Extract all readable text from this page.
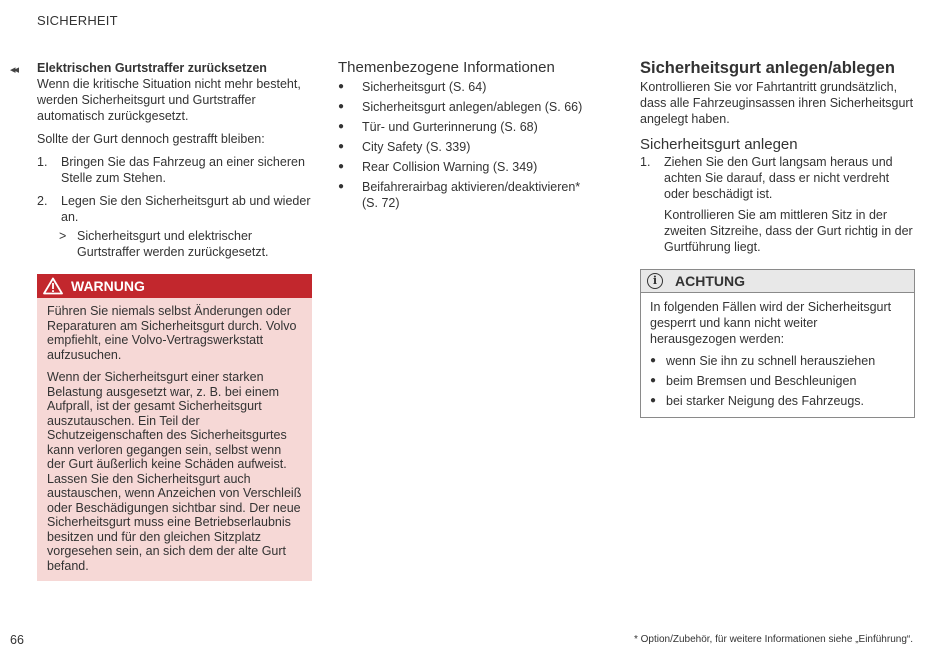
SICHERHEIT
◂◂ Elektrischen Gurtstraffer zurücksetzen

Wenn die kritische Situation nicht mehr besteht, werden Sicherheitsgurt und Gurtstraffer automatisch zurückgesetzt.

Sollte der Gurt dennoch gestrafft bleiben:

1.	Bringen Sie das Fahrzeug an einer sicheren Stelle zum Stehen.
2.	Legen Sie den Sicherheitsgurt ab und wieder an.
> Sicherheitsgurt und elektrischer Gurtstraffer werden zurückgesetzt.
WARNUNG

Führen Sie niemals selbst Änderungen oder Reparaturen am Sicherheitsgurt durch. Volvo empfiehlt, eine Volvo-Vertragswerkstatt aufzusuchen.

Wenn der Sicherheitsgurt einer starken Belastung ausgesetzt war, z. B. bei einem Aufprall, ist der gesamt Sicherheitsgurt auszutauschen. Ein Teil der Schutzeigenschaften des Sicherheitsgurtes kann verloren gegangen sein, selbst wenn der Gurt äußerlich keine Schäden aufweist. Lassen Sie den Sicherheitsgurt auch austauschen, wenn Anzeichen von Verschleiß oder Beschädigungen sichtbar sind. Der neue Sicherheitsgurt muss eine Betriebserlaubnis besitzen und für den gleichen Sitzplatz vorgesehen sein, an sich dem der alte Gurt befand.

Themenbezogene Informationen
●	Sicherheitsgurt (S. 64)
●	Sicherheitsgurt anlegen/ablegen (S. 66)
●	Tür- und Gurterinnerung (S. 68)
●	City Safety (S. 339)
●	Rear Collision Warning (S. 349)
●	Beifahrerairbag aktivieren/deaktivieren* (S. 72)
Sicherheitsgurt anlegen/ablegen

Kontrollieren Sie vor Fahrtantritt grundsätzlich, dass alle Fahrzeuginsassen ihren Sicherheitsgurt angelegt haben.

Sicherheitsgurt anlegen
1.	Ziehen Sie den Gurt langsam heraus und achten Sie darauf, dass er nicht verdreht oder beschädigt ist.
Kontrollieren Sie am mittleren Sitz in der zweiten Sitzreihe, dass der Gurt richtig in der Gurtführung liegt.
i	ACHTUNG

In folgenden Fällen wird der Sicherheitsgurt gesperrt und kann nicht weiter herausgezogen werden:

● wenn Sie ihn zu schnell herausziehen
● beim Bremsen und Beschleunigen
● bei starker Neigung des Fahrzeugs.
66	* Option/Zubehör, für weitere Informationen siehe „Einführung“.
